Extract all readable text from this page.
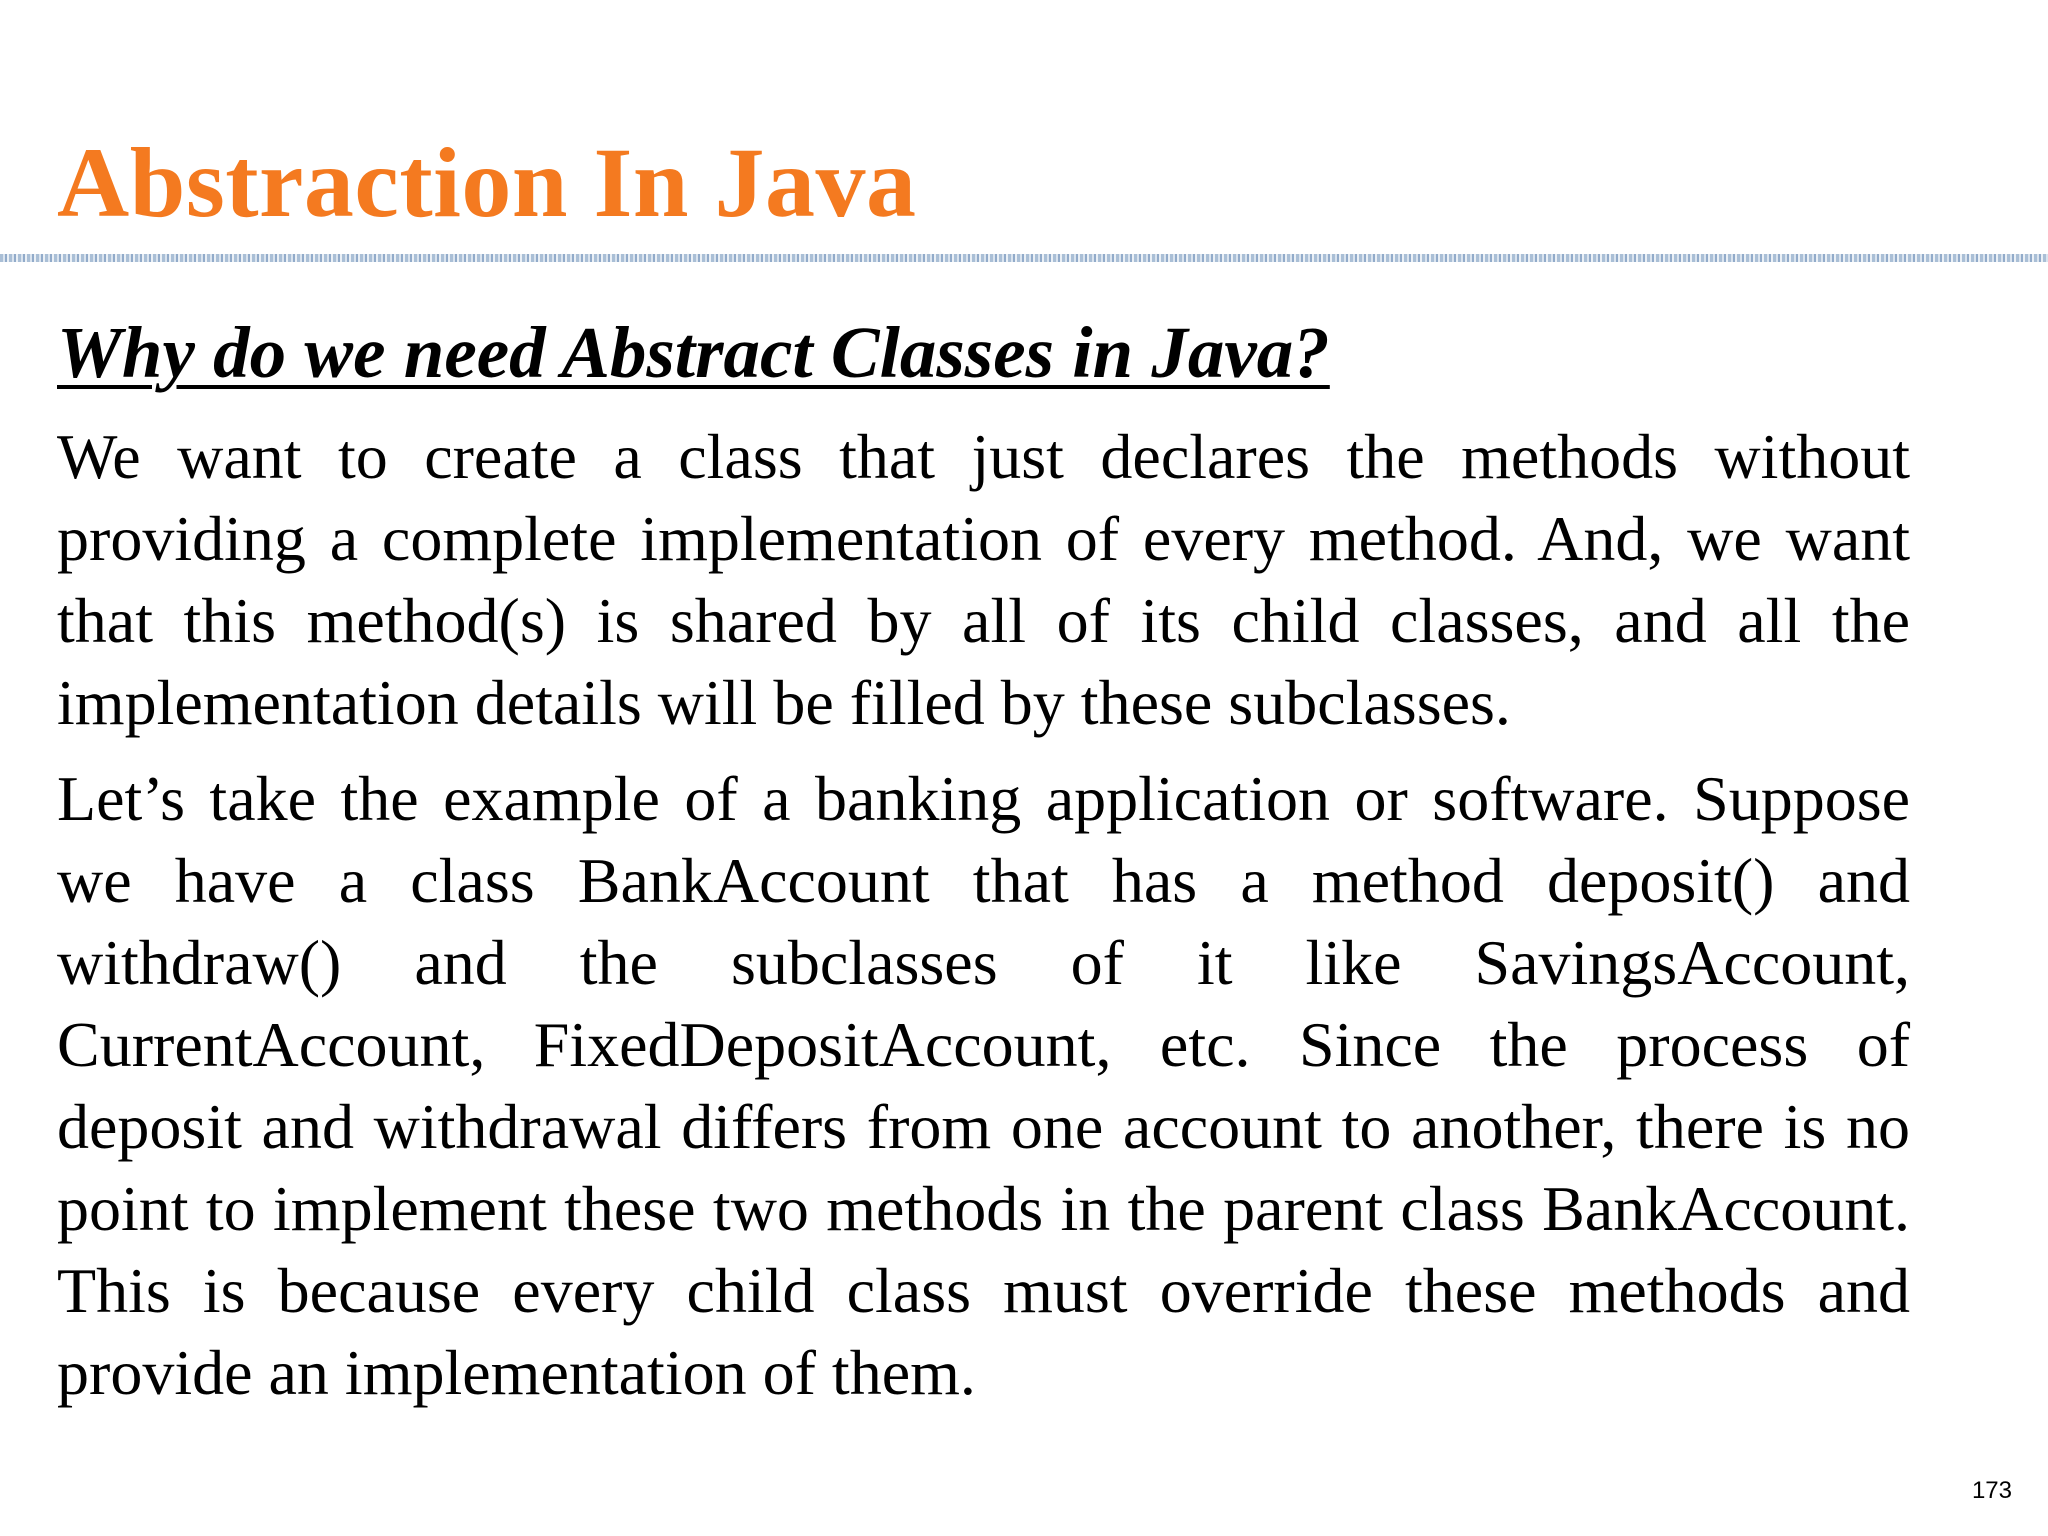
Abstraction In Java
Why do we need Abstract Classes in Java?

We want to create a class that just declares the methods without providing a complete implementation of every method. And, we want that this method(s) is shared by all of its child classes, and all the implementation details will be filled by these subclasses.

Let’s take the example of a banking application or software. Suppose we have a class BankAccount that has a method deposit() and withdraw() and the subclasses of it like SavingsAccount, CurrentAccount, FixedDepositAccount, etc. Since the process of deposit and withdrawal differs from one account to another, there is no point to implement these two methods in the parent class BankAccount. This is because every child class must override these methods and provide an implementation of them.

173
